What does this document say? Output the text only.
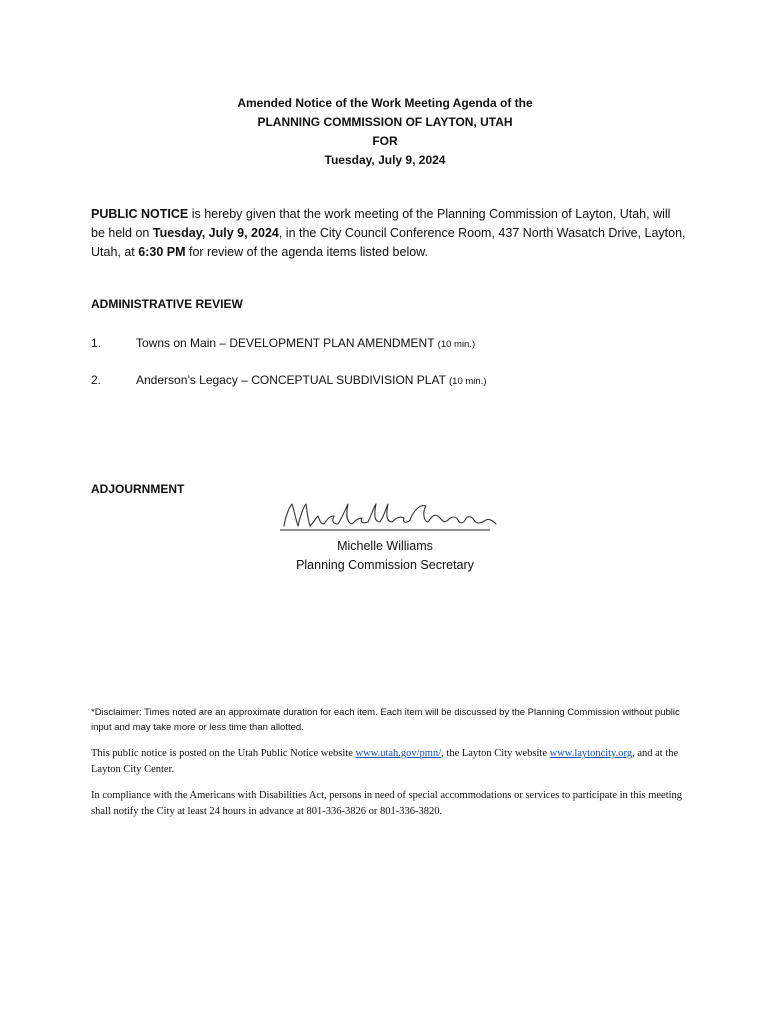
Amended Notice of the Work Meeting Agenda of the
PLANNING COMMISSION OF LAYTON, UTAH
FOR
Tuesday, July 9, 2024
PUBLIC NOTICE is hereby given that the work meeting of the Planning Commission of Layton, Utah, will be held on Tuesday, July 9, 2024, in the City Council Conference Room, 437 North Wasatch Drive, Layton, Utah, at 6:30 PM for review of the agenda items listed below.
ADMINISTRATIVE REVIEW
1.	Towns on Main – DEVELOPMENT PLAN AMENDMENT (10 min.)
2.	Anderson’s Legacy – CONCEPTUAL SUBDIVISION PLAT (10 min.)
ADJOURNMENT
Michelle Williams
Planning Commission Secretary
*Disclaimer: Times noted are an approximate duration for each item. Each item will be discussed by the Planning Commission without public input and may take more or less time than allotted.
This public notice is posted on the Utah Public Notice website www.utah.gov/pmn/, the Layton City website www.laytoncity.org, and at the Layton City Center.
In compliance with the Americans with Disabilities Act, persons in need of special accommodations or services to participate in this meeting shall notify the City at least 24 hours in advance at 801-336-3826 or 801-336-3820.
